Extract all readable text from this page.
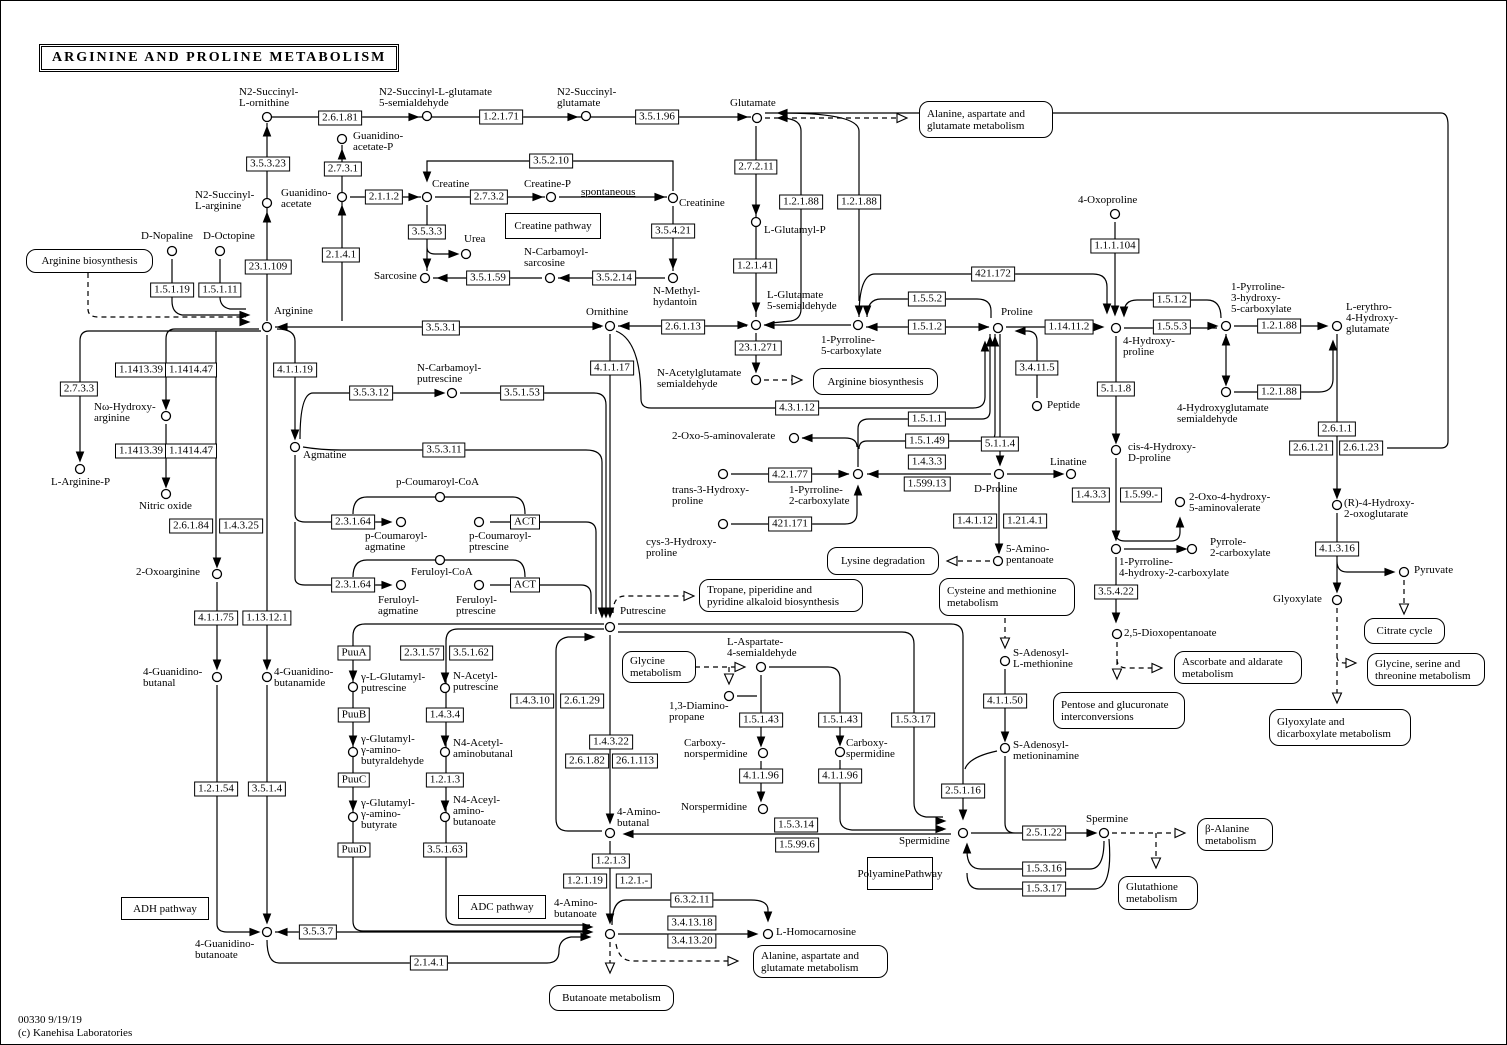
ARGININE AND PROLINE METABOLISM
00330 9/19/19
(c) Kanehisa Laboratories
N2-Succinyl-
L-ornithine
N2-Succinyl-L-glutamate
5-semialdehyde
N2-Succinyl-
glutamate	Glutamate
Guanidino-
acetate-P
Guanidino-
acetate
Creatine	Creatine-P
Creatinine
L-Glutamyl-P
Urea
Sarcosine
N-Carbamoyl-
sarcosine
N-Methyl-
hydantoin
N2-Succinyl-
L-arginine
D-Nopaline D-Octopine
Arginine	Ornithine
L-Glutamate
5-semialdehyde
1-Pyrroline-
5-carboxylate
Proline
4-Hydroxy-
proline
4-Oxoproline
1-Pyrroline-
3-hydroxy-
5-carboxylate	L-erythro-
4-Hydroxy-
glutamate
4-Hydroxyglutamate
semialdehyde
Peptide
N-Acetylglutamate
semialdehyde
Nω-Hydroxy-
arginine
L-Arginine-P
Nitric oxide
Agmatine
N-Carbamoyl-
putrescine
2-Oxo-5-aminovalerate
trans-3-Hydroxy-
proline
cys-3-Hydroxy-
proline
1-Pyrroline-
2-carboxylate
D-Proline
Linatine
cis-4-Hydroxy-
D-proline
5-Amino-
pentanoate
2-Oxo-4-hydroxy-
5-aminovalerate
Pyrrole-
2-carboxylate
1-Pyrroline-
4-hydroxy-2-carboxylate
(R)-4-Hydroxy-
2-oxoglutarate
2,5-Dioxopentanoate
Glyoxylate
Pyruvate
p-Coumaroyl-CoA
p-Coumaroyl-
agmatine
p-Coumaroyl-
ptrescine
Feruloyl-CoA
Feruloyl-
agmatine
Feruloyl-
ptrescine
2-Oxoarginine
4-Guanidino-
butanal
4-Guanidino-
butanamide
Putrescine
γ-L-Glutamyl-
putrescine
N-Acetyl-
putrescine
γ-Glutamyl-
γ-amino-
butyraldehyde
N4-Acetyl-
aminobutanal
γ-Glutamyl-
γ-amino-
butyrate
N4-Aceyl-
amino-
butanoate
L-Aspartate-
4-semialdehyde
1,3-Diamino-
propane
Carboxy-
norspermidine
Carboxy-
spermidine
Norspermidine
4-Amino-
butanal
Spermidine
Spermine
S-Adenosyl-
L-methionine
S-Adenosyl-
metioninamine
4-Amino-
butanoate
L-Homocarnosine
4-Guanidino-
butanoate
2.6.1.81	1.2.1.71	3.5.1.96
3.5.3.23	2.7.3.1
2.1.4.1
23.1.109
1.5.1.19	1.5.1.11
3.5.2.10
2.1.1.2	2.7.3.2
3.5.3.3	3.5.4.21
3.5.1.59	3.5.2.14
2.7.2.11
1.2.1.88	1.2.1.88
1.2.1.41
2.7.3.3
1.1413.39 1.1414.47
1.1413.39 1.1414.47
4.1.1.19
3.5.3.1	2.6.1.13
23.1.271
4.3.1.12
1.5.5.2
1.5.1.2
421.172
1.1.1.104
1.14.11.2
1.5.1.2
1.5.5.3	1.2.1.88
1.2.1.88
3.4.11.5
5.1.1.8
2.6.1.1
2.6.1.21	2.6.1.23
4.1.3.16
3.5.3.12	3.5.1.53
4.1.1.17
3.5.3.11
2.6.1.84	1.4.3.25	2.3.1.64	ACT
2.3.1.64	ACT
4.1.1.75	1.13.12.1
1.5.1.1
1.5.1.49
1.4.3.3
1.599.13
4.2.1.77
421.171
5.1.1.4
1.4.1.12	1.21.4.1
1.4.3.3	1.5.99.-
3.5.4.22
1.2.1.54	3.5.1.4
PuuA	2.3.1.57	3.5.1.62
PuuB	1.4.3.4
1.4.3.10	2.6.1.29
PuuC	1.2.1.3
1.4.3.22
2.6.1.82	26.1.113
PuuD	3.5.1.63
1.5.1.43	1.5.1.43	1.5.3.17
4.1.1.96	4.1.1.96
4.1.1.50
2.5.1.16
1.5.3.14
1.5.99.6
2.5.1.22
1.5.3.16
1.5.3.17
1.2.1.3
1.2.1.19	1.2.1.-
6.3.2.11
3.4.13.18
3.4.13.20
3.5.3.7
2.1.4.1
Arginine biosynthesis
Alanine, aspartate and
glutamate metabolism
Arginine biosynthesis
Lysine degradation
Cysteine and methionine
metabolism
Tropane, piperidine and
pyridine alkaloid biosynthesis
Glycine
metabolism
Pentose and glucuronate
interconversions
Ascorbate and aldarate
metabolism
Glycine, serine and
threonine metabolism
Glyoxylate and
dicarboxylate metabolism
Citrate cycle
β-Alanine
metabolism
Glutathione
metabolism
Butanoate metabolism
Alanine, aspartate and
glutamate metabolism
Creatine pathway
Polyamine Pathway
ADH pathway	ADC pathway
spontaneous
